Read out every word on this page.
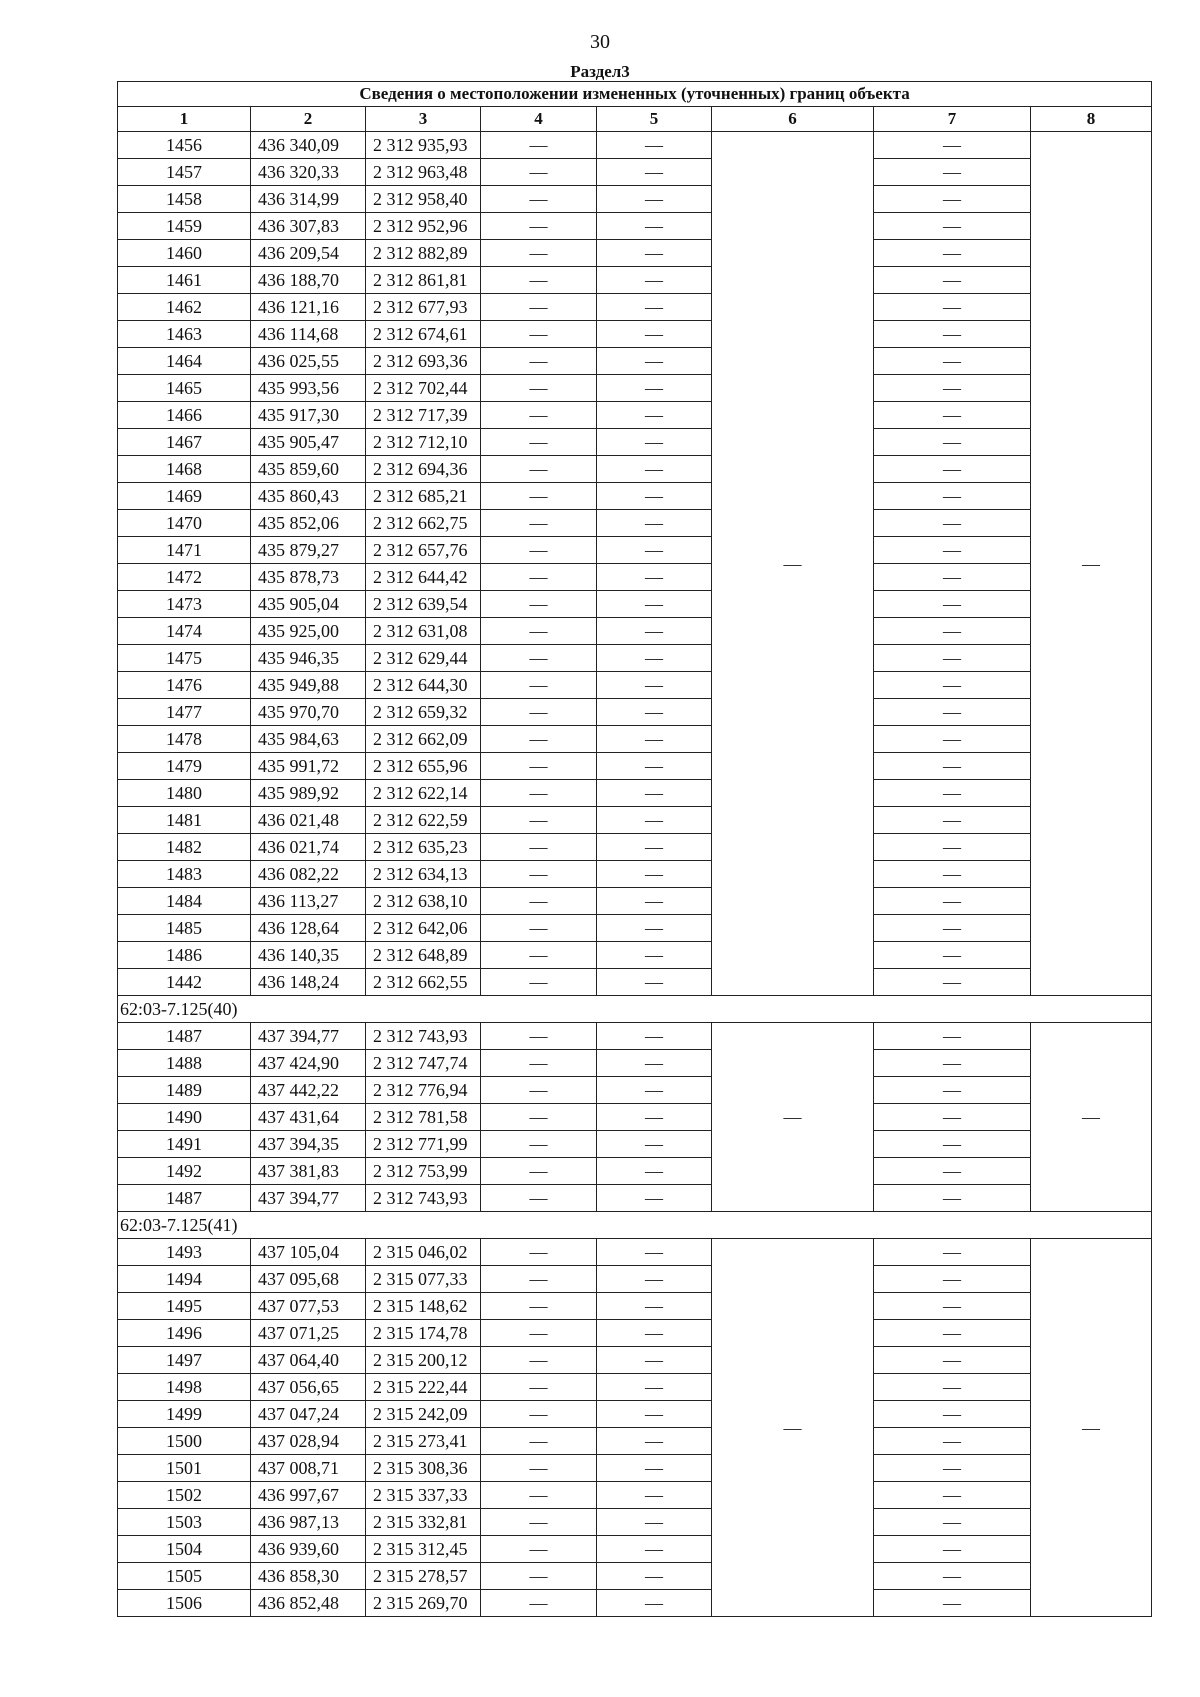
30
Раздел3
Сведения о местоположении измененных (уточненных) границ объекта							
1	2	3	4	5	6	7	8
1456	436 340,09	2 312 935,93	—	—	—	—	—
1457	436 320,33	2 312 963,48	—	—		—	
1458	436 314,99	2 312 958,40	—	—		—	
1459	436 307,83	2 312 952,96	—	—		—	
1460	436 209,54	2 312 882,89	—	—		—	
1461	436 188,70	2 312 861,81	—	—		—	
1462	436 121,16	2 312 677,93	—	—		—	
1463	436 114,68	2 312 674,61	—	—		—	
1464	436 025,55	2 312 693,36	—	—		—	
1465	435 993,56	2 312 702,44	—	—		—	
1466	435 917,30	2 312 717,39	—	—		—	
1467	435 905,47	2 312 712,10	—	—		—	
1468	435 859,60	2 312 694,36	—	—		—	
1469	435 860,43	2 312 685,21	—	—		—	
1470	435 852,06	2 312 662,75	—	—		—	
1471	435 879,27	2 312 657,76	—	—		—	
1472	435 878,73	2 312 644,42	—	—		—	
1473	435 905,04	2 312 639,54	—	—		—	
1474	435 925,00	2 312 631,08	—	—		—	
1475	435 946,35	2 312 629,44	—	—		—	
1476	435 949,88	2 312 644,30	—	—		—	
1477	435 970,70	2 312 659,32	—	—		—	
1478	435 984,63	2 312 662,09	—	—		—	
1479	435 991,72	2 312 655,96	—	—		—	
1480	435 989,92	2 312 622,14	—	—		—	
1481	436 021,48	2 312 622,59	—	—		—	
1482	436 021,74	2 312 635,23	—	—		—	
1483	436 082,22	2 312 634,13	—	—		—	
1484	436 113,27	2 312 638,10	—	—		—	
1485	436 128,64	2 312 642,06	—	—		—	
1486	436 140,35	2 312 648,89	—	—		—	
1442	436 148,24	2 312 662,55	—	—		—	
62:03-7.125(40)							
1487	437 394,77	2 312 743,93	—	—	—	—	—
1488	437 424,90	2 312 747,74	—	—		—	
1489	437 442,22	2 312 776,94	—	—		—	
1490	437 431,64	2 312 781,58	—	—		—	
1491	437 394,35	2 312 771,99	—	—		—	
1492	437 381,83	2 312 753,99	—	—		—	
1487	437 394,77	2 312 743,93	—	—		—	
62:03-7.125(41)							
1493	437 105,04	2 315 046,02	—	—	—	—	—
1494	437 095,68	2 315 077,33	—	—		—	
1495	437 077,53	2 315 148,62	—	—		—	
1496	437 071,25	2 315 174,78	—	—		—	
1497	437 064,40	2 315 200,12	—	—		—	
1498	437 056,65	2 315 222,44	—	—		—	
1499	437 047,24	2 315 242,09	—	—		—	
1500	437 028,94	2 315 273,41	—	—		—	
1501	437 008,71	2 315 308,36	—	—		—	
1502	436 997,67	2 315 337,33	—	—		—	
1503	436 987,13	2 315 332,81	—	—		—	
1504	436 939,60	2 315 312,45	—	—		—	
1505	436 858,30	2 315 278,57	—	—		—	
1506	436 852,48	2 315 269,70	—	—		—	
